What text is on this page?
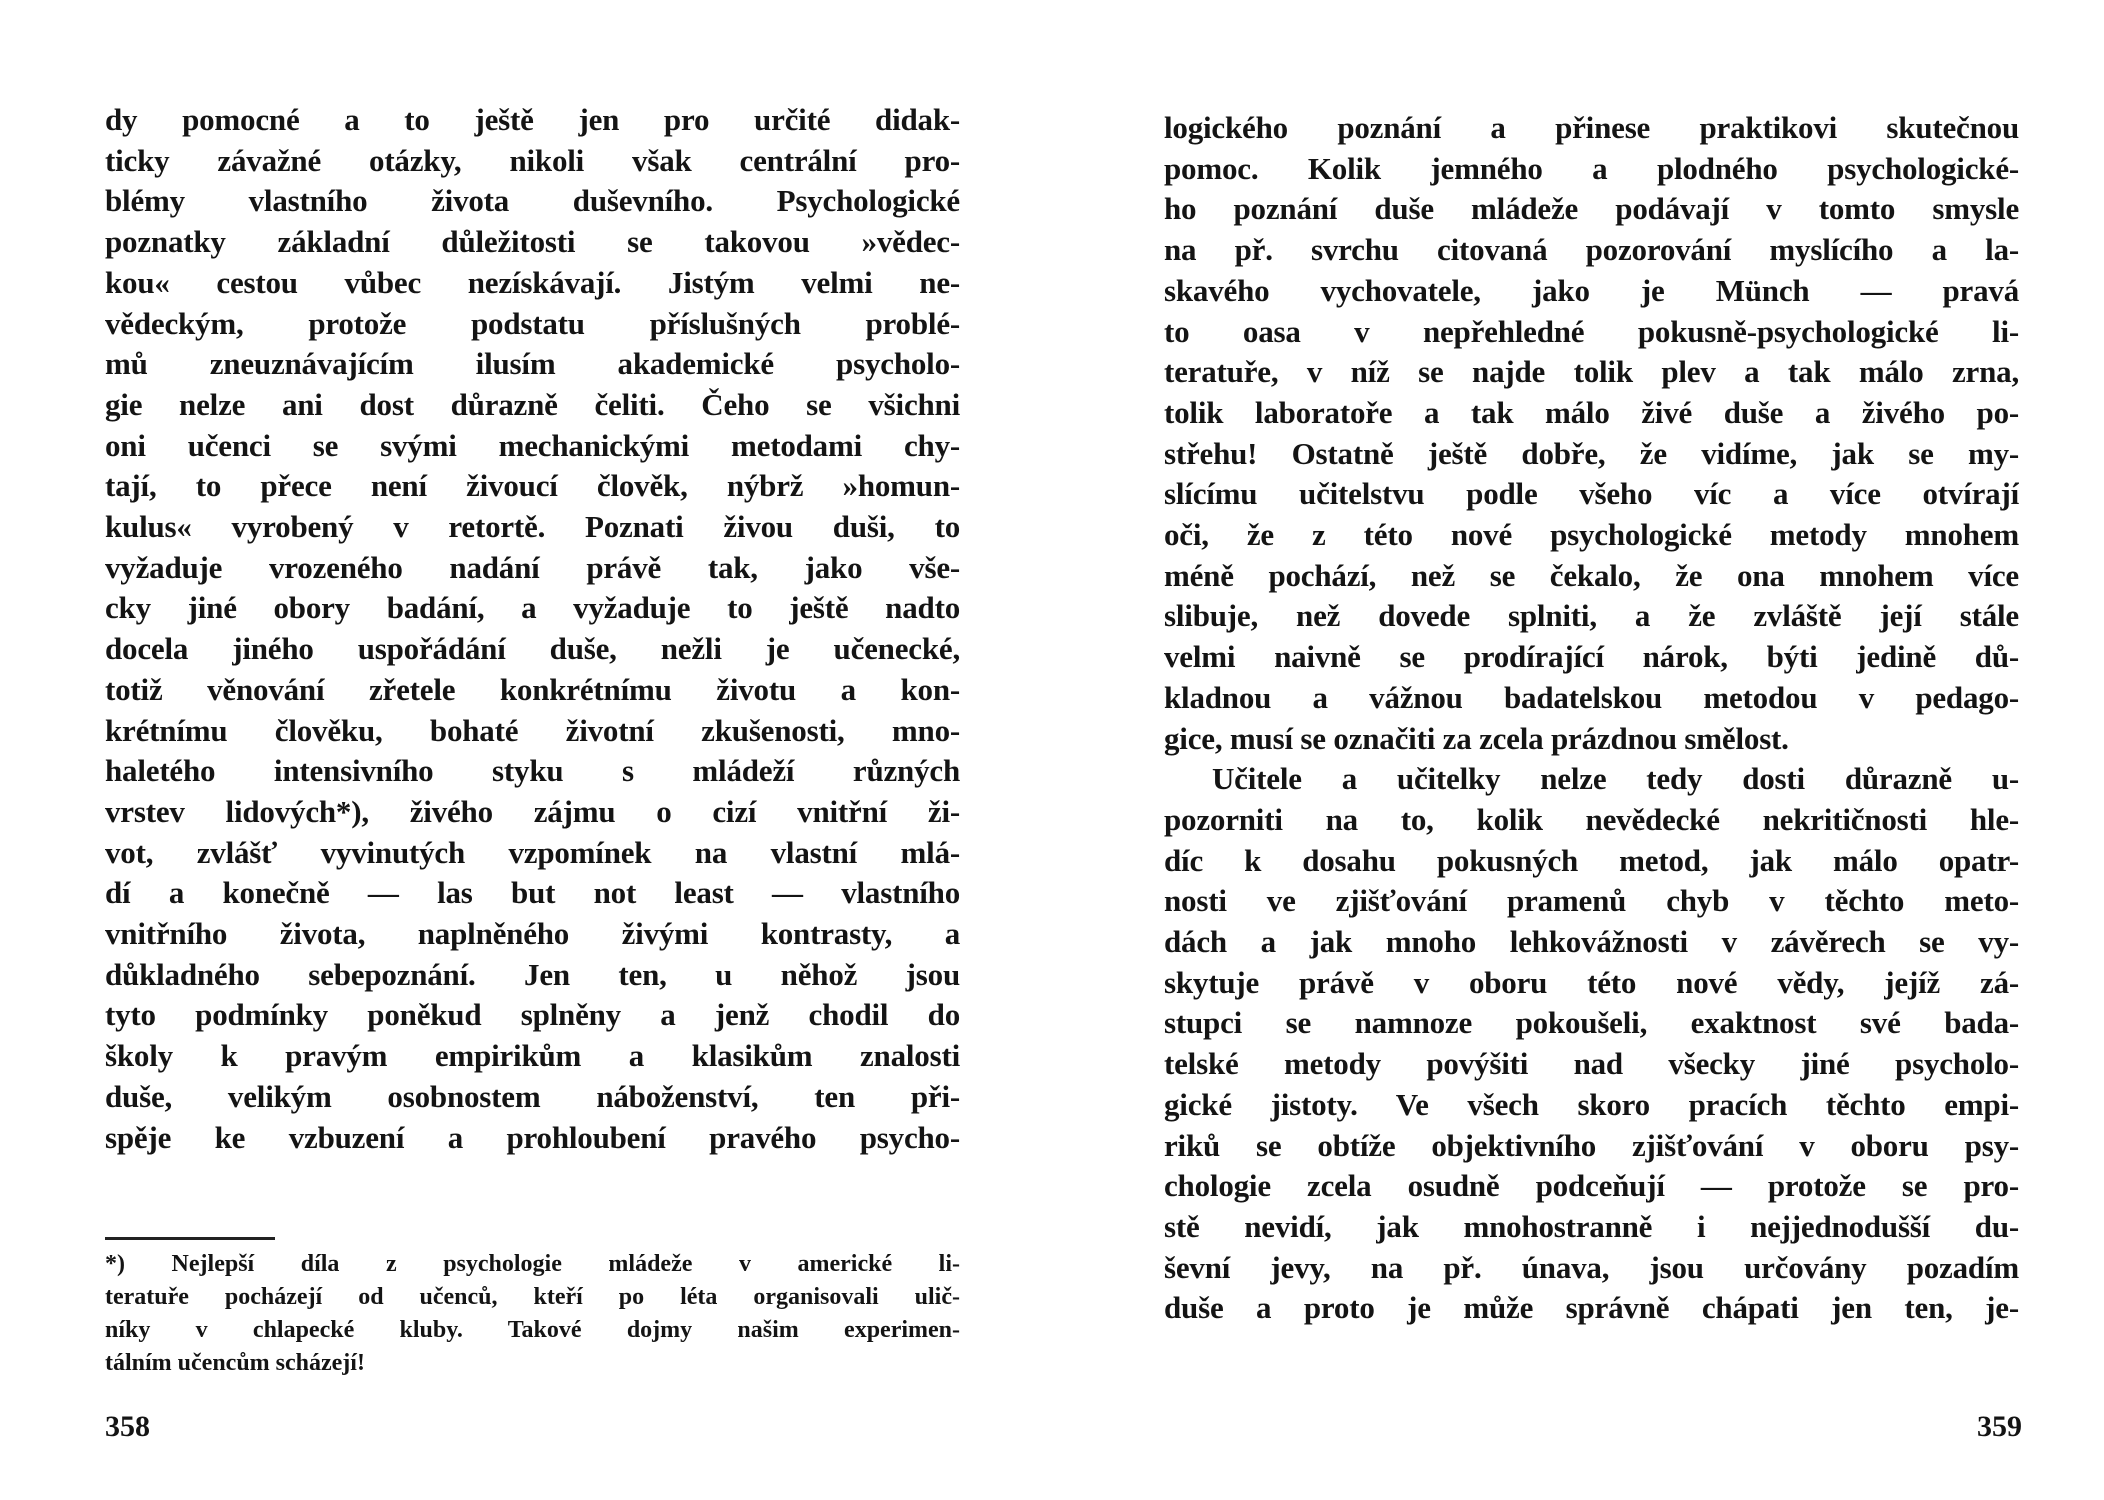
dy pomocné a to ještě jen pro určité didak-
ticky závažné otázky, nikoli však centrální pro-
blémy vlastního života duševního. Psychologické
poznatky základní důležitosti se takovou »vědec-
kou« cestou vůbec nezískávají. Jistým velmi ne-
vědeckým, protože podstatu příslušných problé-
mů zneuznávajícím ilusím akademické psycholo-
gie nelze ani dost důrazně čeliti. Čeho se všichni
oni učenci se svými mechanickými metodami chy-
tají, to přece není živoucí člověk, nýbrž »homun-
kulus« vyrobený v retortě. Poznati živou duši, to
vyžaduje vrozeného nadání právě tak, jako vše-
cky jiné obory badání, a vyžaduje to ještě nadto
docela jiného uspořádání duše, nežli je učenecké,
totiž věnování zřetele konkrétnímu životu a kon-
krétnímu člověku, bohaté životní zkušenosti, mno-
haletého intensivního styku s mládeží různých
vrstev lidových*), živého zájmu o cizí vnitřní ži-
vot, zvlášť vyvinutých vzpomínek na vlastní mlá-
dí a konečně — las but not least — vlastního
vnitřního života, naplněného živými kontrasty, a
důkladného sebepoznání. Jen ten, u něhož jsou
tyto podmínky poněkud splněny a jenž chodil do
školy k pravým empirikům a klasikům znalosti
duše, velikým osobnostem náboženství, ten při-
spěje ke vzbuzení a prohloubení pravého psycho-
*) Nejlepší díla z psychologie mládeže v americké li-
teratuře pocházejí od učenců, kteří po léta organisovali ulič-
níky v chlapecké kluby. Takové dojmy našim experimen-
tálním učencům scházejí!
358
logického poznání a přinese praktikovi skutečnou
pomoc. Kolik jemného a plodného psychologické-
ho poznání duše mládeže podávají v tomto smysle
na př. svrchu citovaná pozorování myslícího a la-
skavého vychovatele, jako je Münch — pravá
to oasa v nepřehledné pokusně-psychologické li-
teratuře, v níž se najde tolik plev a tak málo zrna,
tolik laboratoře a tak málo živé duše a živého po-
střehu! Ostatně ještě dobře, že vidíme, jak se my-
slícímu učitelstvu podle všeho víc a více otvírají
oči, že z této nové psychologické metody mnohem
méně pochází, než se čekalo, že ona mnohem více
slibuje, než dovede splniti, a že zvláště její stále
velmi naivně se prodírající nárok, býti jedině dů-
kladnou a vážnou badatelskou metodou v pedago-
gice, musí se označiti za zcela prázdnou smělost.
Učitele a učitelky nelze tedy dosti důrazně u-
pozorniti na to, kolik nevědecké nekritičnosti hle-
díc k dosahu pokusných metod, jak málo opatr-
nosti ve zjišťování pramenů chyb v těchto meto-
dách a jak mnoho lehkovážnosti v závěrech se vy-
skytuje právě v oboru této nové vědy, jejíž zá-
stupci se namnoze pokoušeli, exaktnost své bada-
telské metody povýšiti nad všecky jiné psycholo-
gické jistoty. Ve všech skoro pracích těchto empi-
riků se obtíže objektivního zjišťování v oboru psy-
chologie zcela osudně podceňují — protože se pro-
stě nevidí, jak mnohostranně i nejjednodušší du-
ševní jevy, na př. únava, jsou určovány pozadím
duše a proto je může správně chápati jen ten, je-
359
